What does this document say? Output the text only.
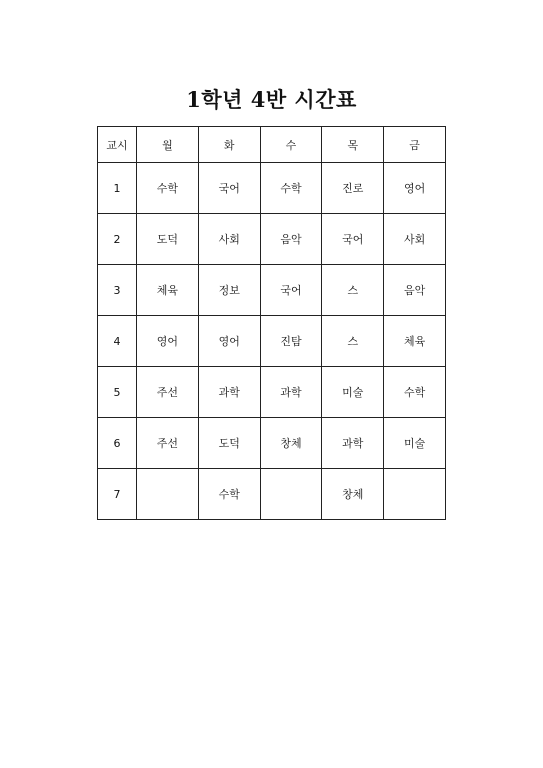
1학년 4반 시간표
교시	월	화	수	목	금
1	수학	국어	수학	진로	영어
2	도덕	사회	음악	국어	사회
3	체육	정보	국어	스	음악
4	영어	영어	진탐	스	체육
5	주선	과학	과학	미술	수학
6	주선	도덕	창체	과학	미술
7		수학		창체	
